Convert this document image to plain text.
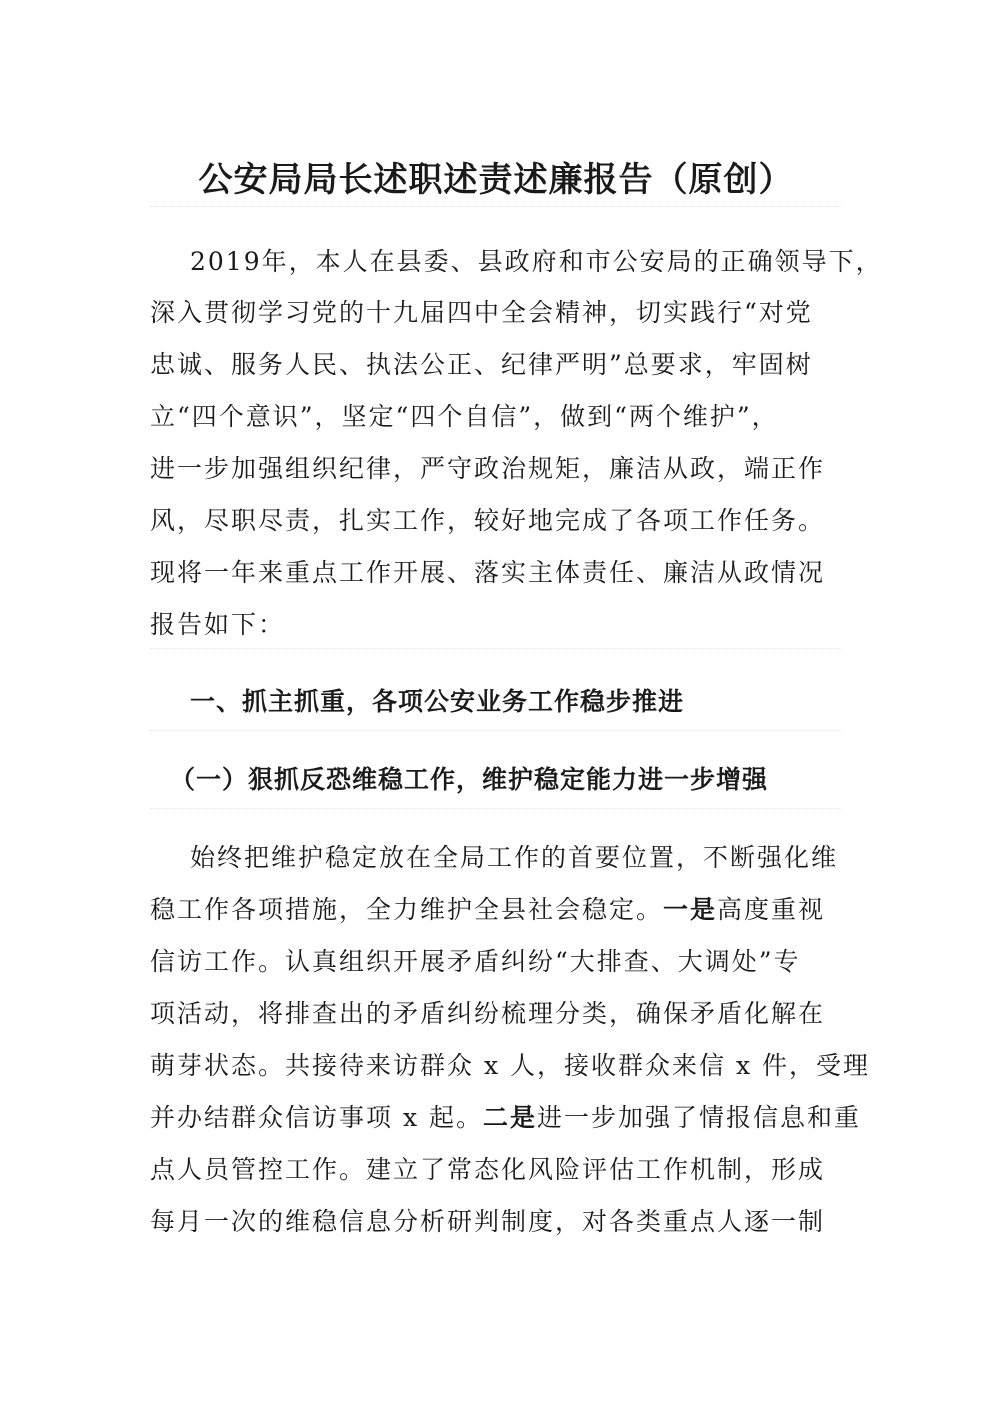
公安局局长述职述责述廉报告（原创）
2019年，本人在县委、县政府和市公安局的正确领导下，
深入贯彻学习党的十九届四中全会精神，切实践行“对党
忠诚、服务人民、执法公正、纪律严明”总要求，牢固树
立“四个意识”，坚定“四个自信”，做到“两个维护”，
进一步加强组织纪律，严守政治规矩，廉洁从政，端正作
风，尽职尽责，扎实工作，较好地完成了各项工作任务。
现将一年来重点工作开展、落实主体责任、廉洁从政情况
报告如下：
一、抓主抓重，各项公安业务工作稳步推进
（一）狠抓反恐维稳工作，维护稳定能力进一步增强
始终把维护稳定放在全局工作的首要位置，不断强化维
稳工作各项措施，全力维护全县社会稳定。一是高度重视
信访工作。认真组织开展矛盾纠纷“大排查、大调处”专
项活动，将排查出的矛盾纠纷梳理分类，确保矛盾化解在
萌芽状态。共接待来访群众 x 人，接收群众来信 x 件，受理
并办结群众信访事项 x 起。二是进一步加强了情报信息和重
点人员管控工作。建立了常态化风险评估工作机制，形成
每月一次的维稳信息分析研判制度，对各类重点人逐一制
